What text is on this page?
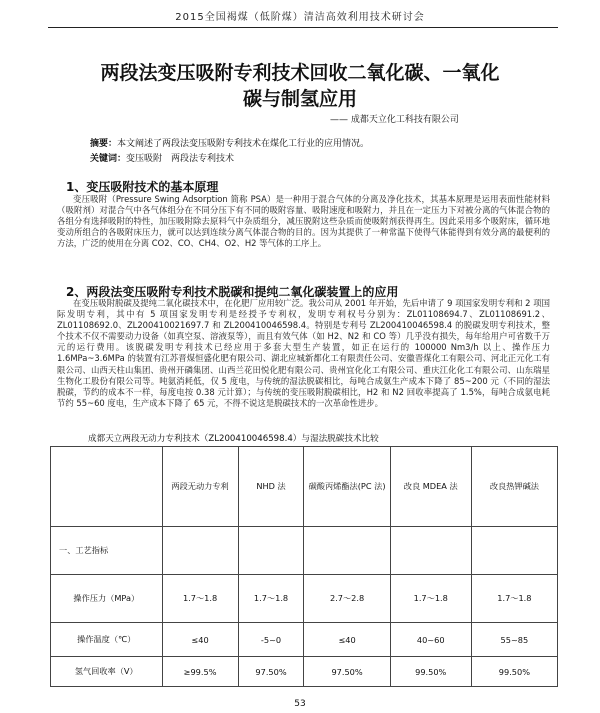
2015全国褐煤（低阶煤）清洁高效利用技术研讨会
两段法变压吸附专利技术回收二氧化碳、一氧化
碳与制氢应用
—— 成都天立化工科技有限公司
摘要：本文阐述了两段法变压吸附专利技术在煤化工行业的应用情况。
关键词：变压吸附　两段法专利技术
1、变压吸附技术的基本原理
变压吸附（Pressure Swing Adsorption 简称 PSA）是一种用于混合气体的分离及净化技术，其基本原理是运用表面性能材料（吸附剂）对混合气中各气体组分在不同分压下有不同的吸附容量、吸附速度和吸附力，并且在一定压力下对被分离的气体混合物的各组分有选择吸附的特性，加压吸附除去原料气中杂质组分，减压脱附这些杂质而使吸附剂获得再生。因此采用多个吸附床，循环地变动所组合的各吸附床压力，就可以达到连续分离气体混合物的目的。因为其提供了一种常温下使得气体能得到有效分离的最便利的方法，广泛的使用在分离 CO2、CO、CH4、O2、H2 等气体的工序上。
2、两段法变压吸附专利技术脱碳和提纯二氧化碳装置上的应用
在变压吸附脱碳及提纯二氧化碳技术中，在化肥厂应用较广泛。我公司从 2001 年开始，先后申请了 9 项国家发明专利和 2 项国际发明专利，其中有 5 项国家发明专利是经授予专利权，发明专利权号分别为：ZL01108694.7、ZL01108691.2、ZL01108692.0、ZL200410021697.7 和 ZL200410046598.4。特别是专利号 ZL200410046598.4 的脱碳发明专利技术，整个技术不仅不需要动力设备（如真空泵、溶液泵等），而且有效气体（如 H2、N2 和 CO 等）几乎没有损失，每年给用户可省数千万元的运行费用。该脱碳发明专利技术已经应用于多套大型生产装置，如正在运行的 100000 Nm3/h 以上、操作压力 1.6MPa~3.6MPa 的装置有江苏晋煤恒盛化肥有限公司、湖北应城新都化工有限责任公司、安徽晋煤化工有限公司、河北正元化工有限公司、山西天柱山集团、贵州开磷集团、山西兰花田悦化肥有限公司、贵州宜化化工有限公司、重庆江化化工有限公司、山东瑞星生物化工股份有限公司等。吨氨消耗低，仅 5 度电，与传统的湿法脱碳相比，每吨合成氨生产成本下降了 85~200 元（不同的湿法脱碳，节约的成本不一样，每度电按 0.38 元计算）；与传统的变压吸附脱碳相比，H2 和 N2 回收率提高了 1.5%，每吨合成氨电耗节约 55~60 度电，生产成本下降了 65 元，不得不说这是脱碳技术的一次革命性进步。
成都天立两段无动力专利技术（ZL200410046598.4）与湿法脱碳技术比较
	两段无动力专利	NHD 法	碳酸丙烯酯法(PC 法)	改良 MDEA 法	改良热钾碱法
一、工艺指标					
操作压力（MPa）	1.7～1.8	1.7～1.8	2.7～2.8	1.7～1.8	1.7～1.8
操作温度（℃）	≤40	-5~0	≤40	40~60	55~85
氢气回收率（V）	≥99.5%	97.50%	97.50%	99.50%	99.50%
53
